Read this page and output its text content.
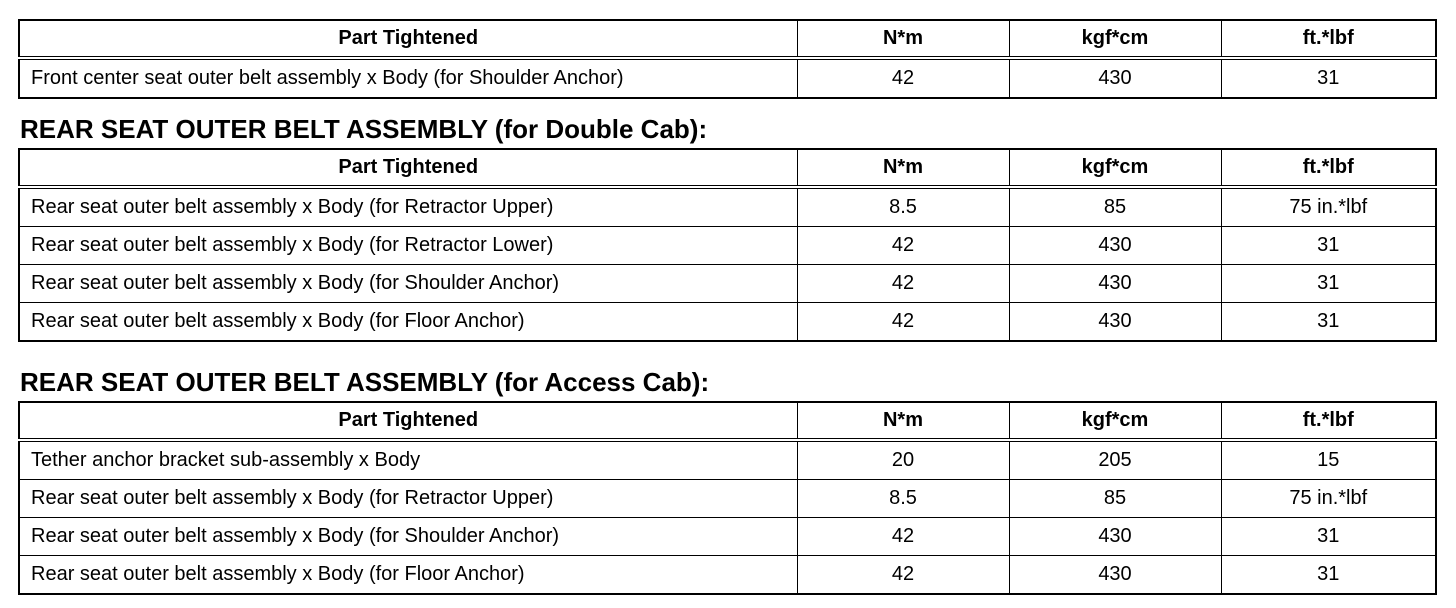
Part Tightened	N*m	kgf*cm	ft.*lbf
Front center seat outer belt assembly x Body (for Shoulder Anchor)	42	430	31
REAR SEAT OUTER BELT ASSEMBLY (for Double Cab):
Part Tightened	N*m	kgf*cm	ft.*lbf
Rear seat outer belt assembly x Body (for Retractor Upper)	8.5	85	75 in.*lbf
Rear seat outer belt assembly x Body (for Retractor Lower)	42	430	31
Rear seat outer belt assembly x Body (for Shoulder Anchor)	42	430	31
Rear seat outer belt assembly x Body (for Floor Anchor)	42	430	31
REAR SEAT OUTER BELT ASSEMBLY (for Access Cab):
Part Tightened	N*m	kgf*cm	ft.*lbf
Tether anchor bracket sub-assembly x Body	20	205	15
Rear seat outer belt assembly x Body (for Retractor Upper)	8.5	85	75 in.*lbf
Rear seat outer belt assembly x Body (for Shoulder Anchor)	42	430	31
Rear seat outer belt assembly x Body (for Floor Anchor)	42	430	31
